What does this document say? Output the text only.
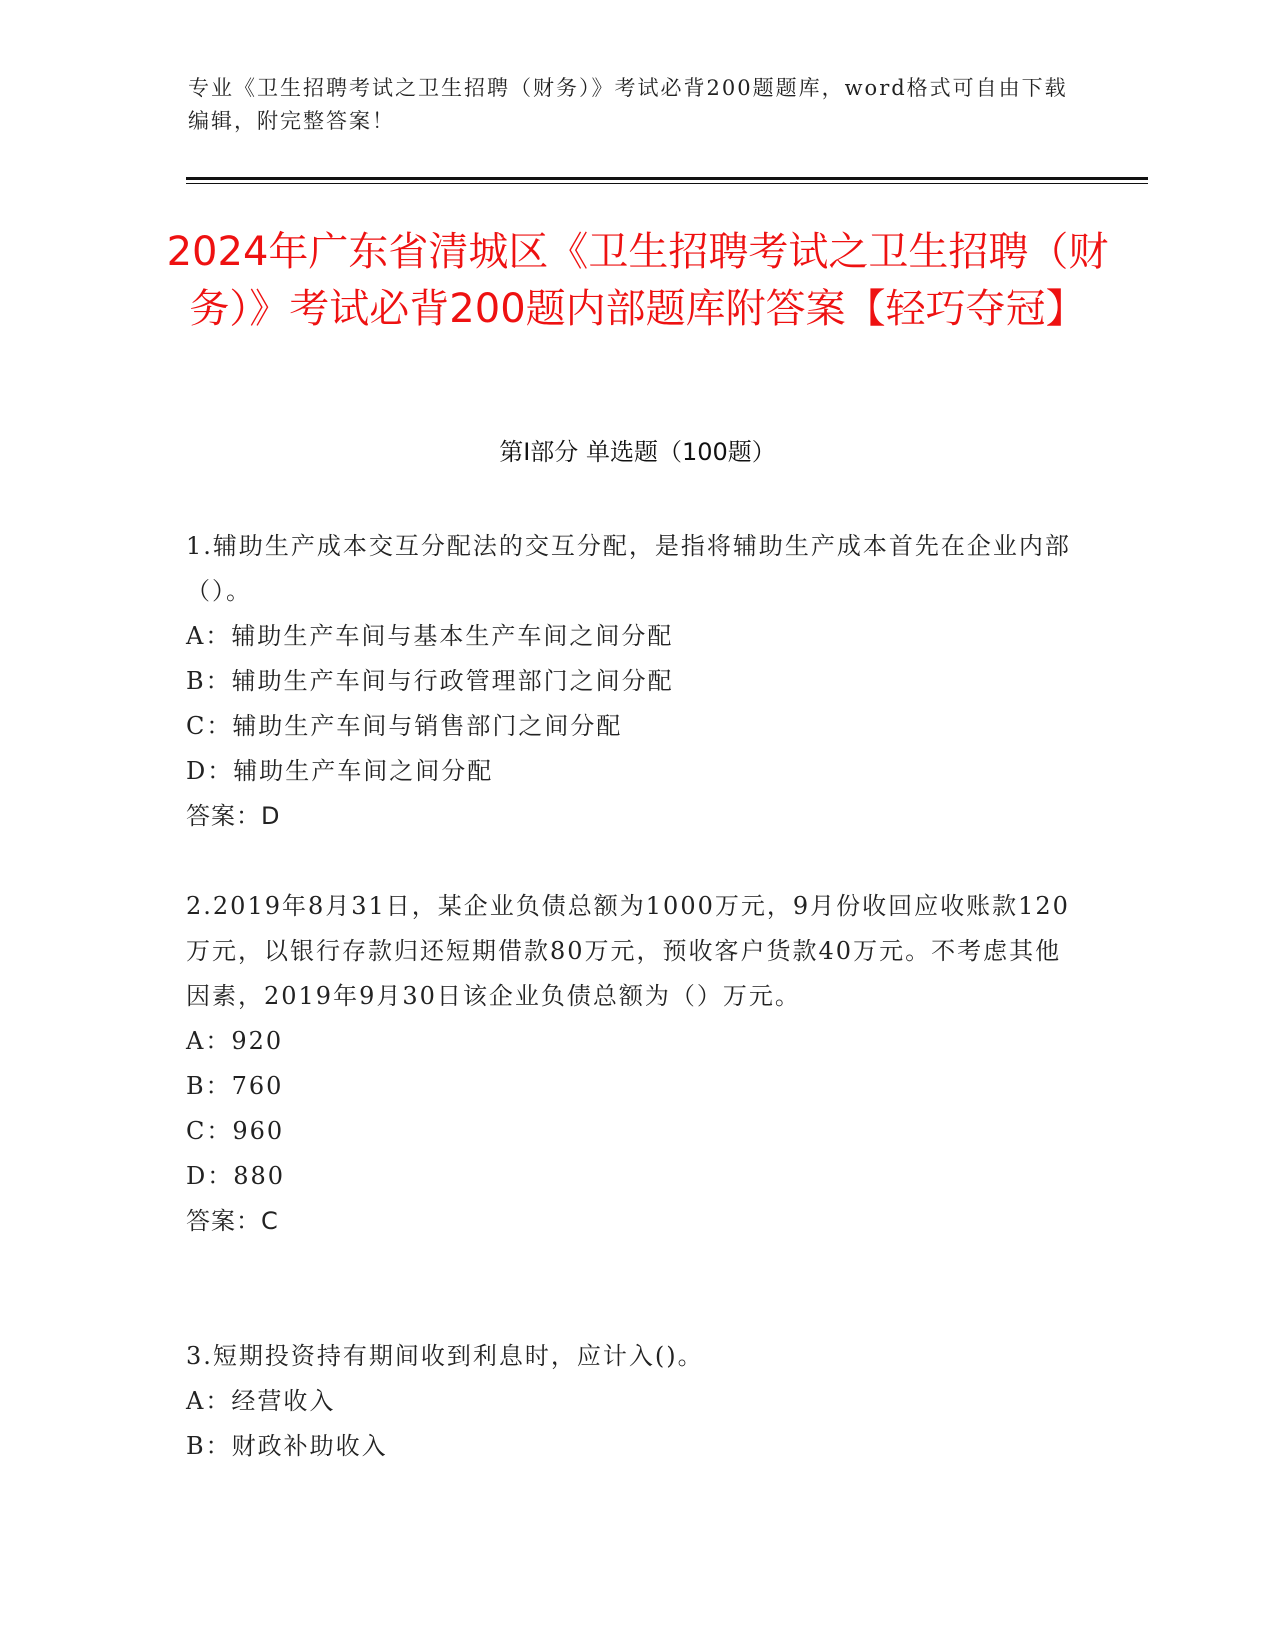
专业《卫生招聘考试之卫生招聘（财务）》考试必背200题题库，word格式可自由下载编辑，附完整答案！
2024年广东省清城区《卫生招聘考试之卫生招聘（财务）》考试必背200题内部题库附答案【轻巧夺冠】
第Ⅰ部分 单选题（100题）

1.辅助生产成本交互分配法的交互分配，是指将辅助生产成本首先在企业内部（）。

A：辅助生产车间与基本生产车间之间分配

B：辅助生产车间与行政管理部门之间分配

C：辅助生产车间与销售部门之间分配

D：辅助生产车间之间分配

答案：D

2.2019年8月31日，某企业负债总额为1000万元，9月份收回应收账款120万元，以银行存款归还短期借款80万元，预收客户货款40万元。不考虑其他因素，2019年9月30日该企业负债总额为（）万元。

A：920

B：760

C：960

D：880

答案：C

3.短期投资持有期间收到利息时，应计入()。

A：经营收入

B：财政补助收入
